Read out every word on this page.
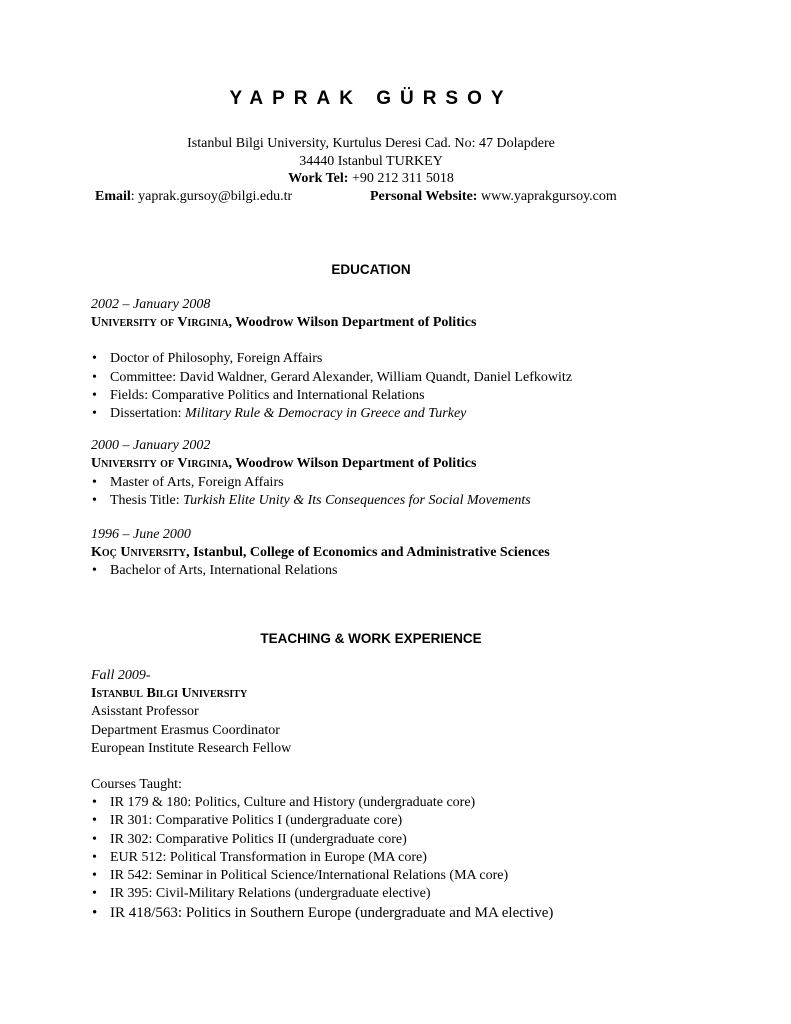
YAPRAK GÜRSOY
Istanbul Bilgi University, Kurtulus Deresi Cad. No: 47 Dolapdere
34440 Istanbul TURKEY
Work Tel: +90 212 311 5018
Email: yaprak.gursoy@bilgi.edu.tr	Personal Website: www.yaprakgursoy.com
EDUCATION
2002 – January 2008
University of Virginia, Woodrow Wilson Department of Politics
• Doctor of Philosophy, Foreign Affairs
• Committee: David Waldner, Gerard Alexander, William Quandt, Daniel Lefkowitz
• Fields: Comparative Politics and International Relations
• Dissertation: Military Rule & Democracy in Greece and Turkey
2000 – January 2002
University of Virginia, Woodrow Wilson Department of Politics
• Master of Arts, Foreign Affairs
• Thesis Title: Turkish Elite Unity & Its Consequences for Social Movements
1996 – June 2000
Koç University, Istanbul, College of Economics and Administrative Sciences
• Bachelor of Arts, International Relations
TEACHING & WORK EXPERIENCE
Fall 2009-
Istanbul Bilgi University
Asisstant Professor
Department Erasmus Coordinator
European Institute Research Fellow
Courses Taught:
• IR 179 & 180: Politics, Culture and History (undergraduate core)
• IR 301: Comparative Politics I (undergraduate core)
• IR 302: Comparative Politics II (undergraduate core)
• EUR 512: Political Transformation in Europe (MA core)
• IR 542: Seminar in Political Science/International Relations (MA core)
• IR 395: Civil-Military Relations (undergraduate elective)
• IR 418/563: Politics in Southern Europe (undergraduate and MA elective)
